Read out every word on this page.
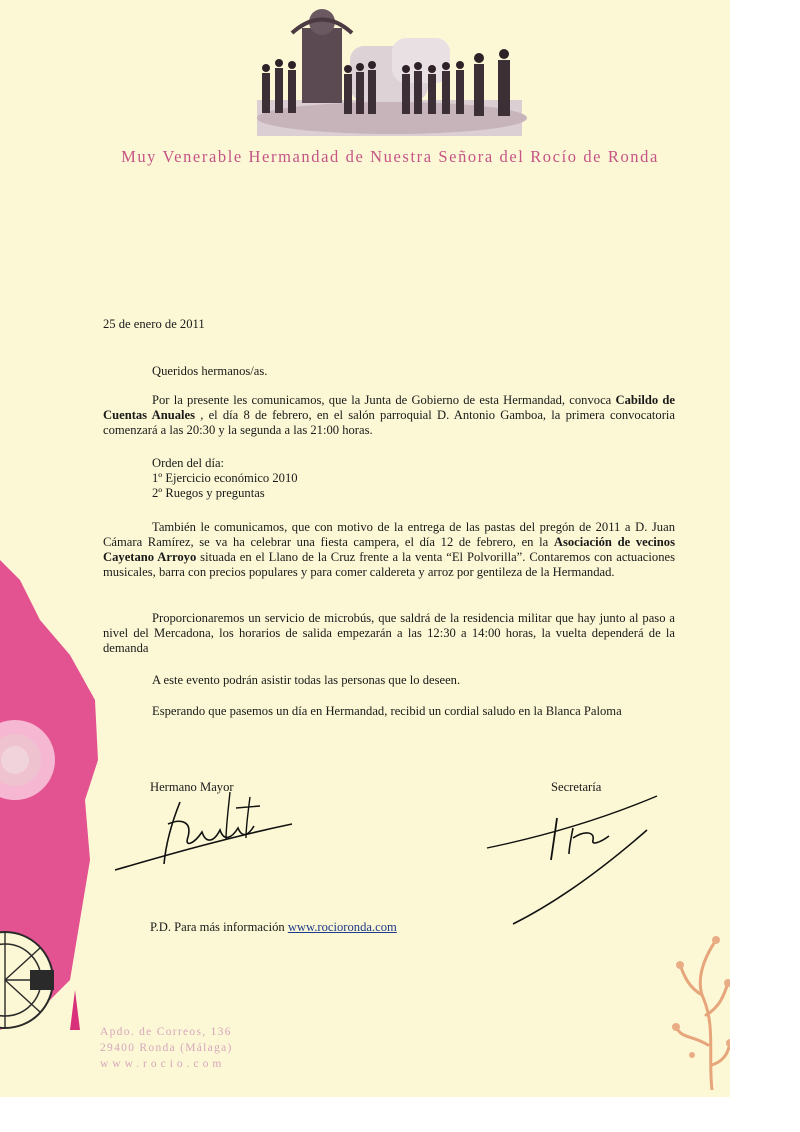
Muy Venerable Hermandad de Nuestra Señora del Rocío de Ronda
25 de enero de 2011
Queridos hermanos/as.
Por la presente les comunicamos, que la Junta de Gobierno de esta Hermandad, convoca Cabildo de Cuentas Anuales , el día 8 de febrero, en el salón parroquial D. Antonio Gamboa, la primera convocatoria comenzará a las 20:30 y la segunda a las 21:00 horas.
Orden del día:
1º Ejercicio económico 2010
2º Ruegos y preguntas
También le comunicamos, que con motivo de la entrega de las pastas del pregón de 2011 a D. Juan Cámara Ramírez, se va ha celebrar una fiesta campera, el día 12 de febrero, en la Asociación de vecinos Cayetano Arroyo situada en el Llano de la Cruz frente a la venta “El Polvorilla”. Contaremos con actuaciones musicales, barra con precios populares y para comer caldereta y arroz por gentileza de la Hermandad.
Proporcionaremos un servicio de microbús, que saldrá de la residencia militar que hay junto al paso a nivel del Mercadona, los horarios de salida empezarán a las 12:30 a 14:00 horas, la vuelta dependerá de la demanda
A este evento podrán asistir todas las personas que lo deseen.
Esperando que pasemos un día en Hermandad, recibid un cordial saludo en la Blanca Paloma
Hermano Mayor	Secretaría
P.D. Para más información www.rocioronda.com
Apdo. de Correos, 136
29400 Ronda (Málaga)
www.rocio.com
